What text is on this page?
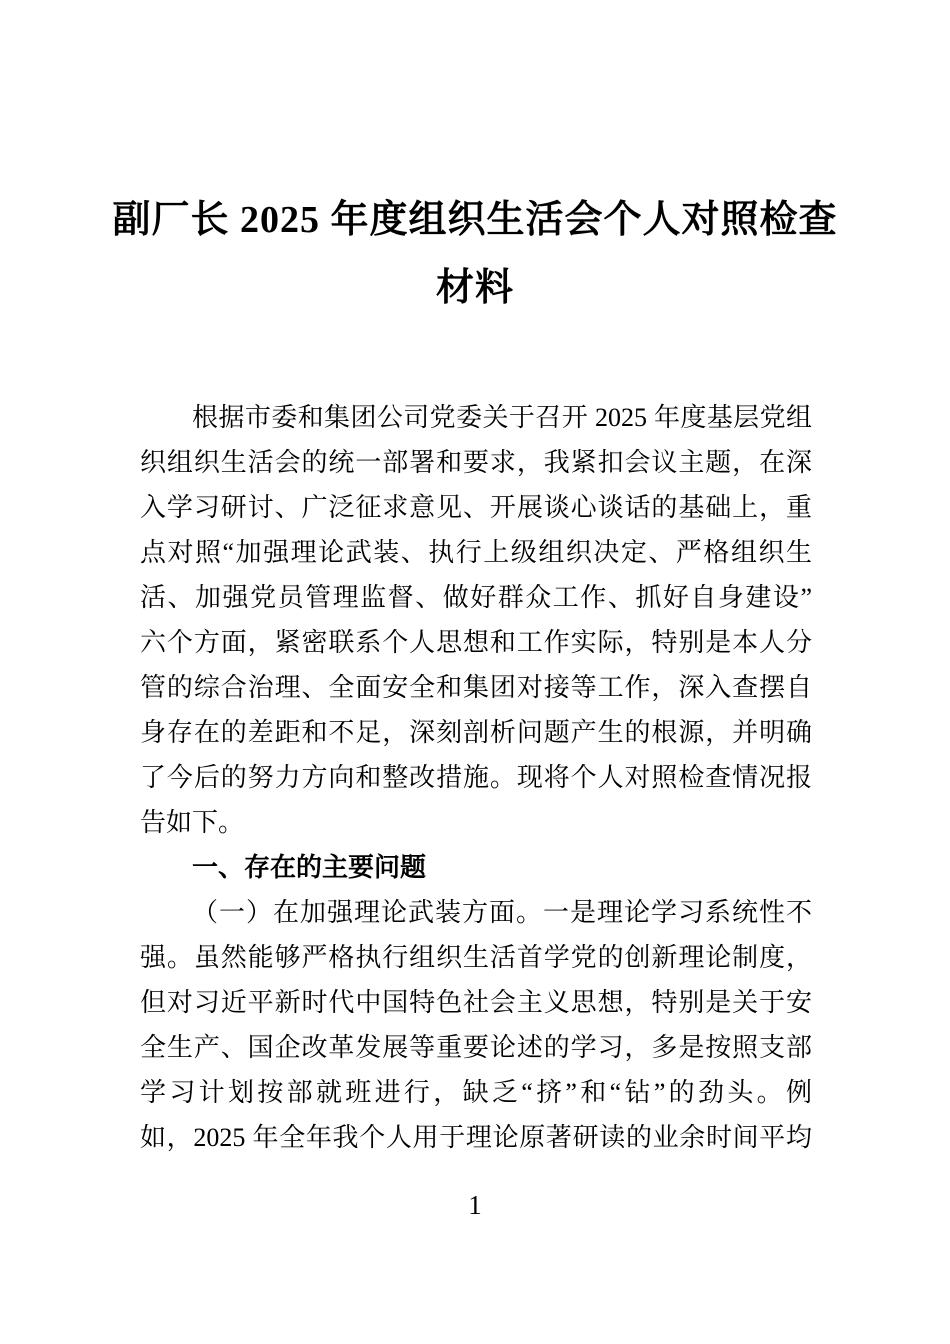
副厂长 2025 年度组织生活会个人对照检查
材料
根据市委和集团公司党委关于召开 2025 年度基层党组
织组织生活会的统一部署和要求，我紧扣会议主题，在深
入学习研讨、广泛征求意见、开展谈心谈话的基础上，重
点对照“加强理论武装、执行上级组织决定、严格组织生
活、加强党员管理监督、做好群众工作、抓好自身建设”
六个方面，紧密联系个人思想和工作实际，特别是本人分
管的综合治理、全面安全和集团对接等工作，深入查摆自
身存在的差距和不足，深刻剖析问题产生的根源，并明确
了今后的努力方向和整改措施。现将个人对照检查情况报
告如下。
一、存在的主要问题
（一）在加强理论武装方面。一是理论学习系统性不
强。虽然能够严格执行组织生活首学党的创新理论制度，
但对习近平新时代中国特色社会主义思想，特别是关于安
全生产、国企改革发展等重要论述的学习，多是按照支部
学习计划按部就班进行，缺乏“挤”和“钻”的劲头。例
如，2025 年全年我个人用于理论原著研读的业余时间平均
1
